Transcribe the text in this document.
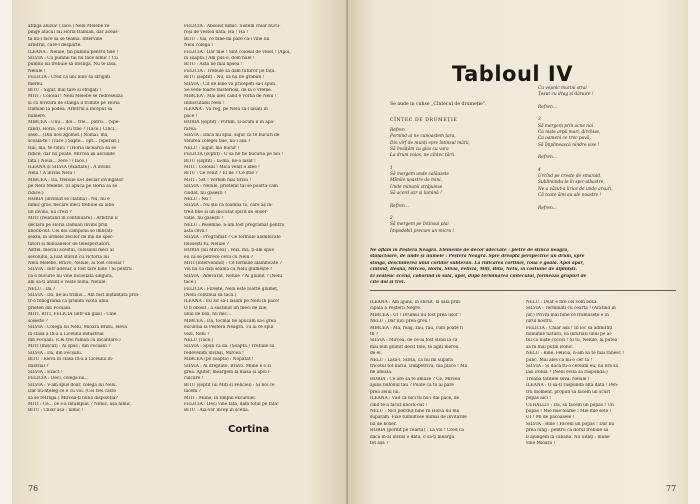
atingă aluzia! (Tace.) Nelu Melebe re-

pinge atacul lui Horia Damian, dar aceas-

ta nu-l face să se teamă. Intervine

arbitrul, care-i desparte.

ILEANA : Nelule, țin pumnii pentru tine !

SILVIA : Cu pumnii tăi nu face nimic ! Cu

pumnii lui trebuie să învingă. Nu te lăsa,

Nelule !

FELICIA : Cred că uni bine să strigăți

mereu.

BITU : Sigur, mai tare și strigăți !

MITI : Colosal ! Nelu Melebe se redresează

și cu lovitura de stânga îl trimite pe Horia

Damian la podea. Arbitrul a început să

numere.

MIRCEA : Unu... doi... trei... patru... (Spe-

rând). Horia, ce-i cu tine ? (Tace.) Cinci...

șase... (Din nou zgomot.) Nomai, mă,

scoală-te ! (Tace.) Șapte... opt... (Speriat.)

Hai, mă, te ridici ? (Horia încearcă să se

ridice, dar nu poate. Mircea își ascunde

fața.) Nouă... zece ! (Tace.)

ILEANA și SILVIA (exaltate) : A învins

Nelu ! A învins Nelu !

MIRCEA : Da, trebuie să-l declar învingător

pe Nelu Melebe. (Il apucă pe Horia să se

ridice.)

HORIA (învinuit se clatină) : Nu, nu e

nimic grav, fiecare meci trebuie să aibă

un învins, nu crezi ?

MITI (relatând în continuare) : Arbitrul îl

declară pe Horia Damian învins prin

knock-out. Cei doi campioni se îmbrăți-

șează, în urmele zecilor de mii de spec-

tatori și milioanelor de telespectatori.

Astfel, meciul acestui, colosalul meci al

secolului, a luat sfârșit cu victoria lui

Nelu Melebe. Bravo, Nelule, ai fost colosal !

SILVIA : Într-adevăr, a fost tare bine ! Și pentru

că o bucurie nu vine niciodată singură,

am să-ți anunț o veste bună, Nelule.

NELU : Da ?

SILVIA : Da, ne-au trimis... Am fost înștiințată prin-

tr-o fonogramă că primim vizita unui

prieten din Focșani.

MITI, BITI, FELICIA (într-un glas) : Cine

soseste ?

SILVIA : Colega lui Nelu, Mioara Bratu, elevă

în clasa a IX-a a Liceului industrial

din Focșani. (Cei trei râmân cu încântare.)

MITI (mișcat) : Ai spus : din Focșani ?

SILVIA : Da, din Focșani.

BITU : Elevă în clasa IX-a a Liceului in-

dustrial ?

SILVIA : Exact !

FELICIA : Deci, colega lui...

SILVIA : V-am spus doar, colega lui Nelu.

Dar nu-nțeleg ce e cu voi. (Cei trei către

să se retragă.) Mircea-ți bună dispoziția?

MITI : Ce... ce s-a întâmplat ? Nimic, așa nimic,

BITU : Chiar așa : nimic !

FELICIA : Absolut nimic. Sistem chiar bucu-

roși de vestea dată. Ha ! Ha !

BITU : Vai, ce bine-mi pare că-i vine lui

Nelu colega !

FELICIA : Dar mie ! Sînt colosal de vesel ! (Apoi,

în șoaptă.) Am pus-o, dom'nule !

BITU : Asta ne mai lipsea !

FELICIA : Trebuie să dăm tuturor pe față.

BITU (șoptit) : Nu, să nu ne grăbim !

SILVIA : Cît de bine vă pricepeți să-i spun.

Se vede foarte misterioși, de la o vreme.

MIRCEA : Mai ales când e vorba de Nelu !

Indiscutabil Nelu !

ILEANA : Vă rog, pe Nelu să-l lăsați în

pace !

HORIA (șoptit) : Poftim, și-acum îl în apă-

rarea.

SILVIA : Dacă nu spui, sigur că te bucuri de

venirea colegei tale, nu-i așa ?

NELU : Sigur, mă bucur !

FELICIA (șoptit) : O să ne fie bucuria pe noi !

BITU (șoptit) : Ia-mă, ne-a lăsat !

MITI : Colosal ! Mica venit o idee !

BITU : Ce venit ? El ne ? Ce știe ?

MITI : Sst ! Vorbim mai tîrziu !

SILVIA : Nelule, prietenii tăi se poartă cam

ciudat, nu găsești ?

NELU : Nu !

SILVIA : Nu știi că toamnă to, care aș în-

treit fine și un discutat spirit de obser-

vație, nu găsești ?

NELU : Pesemne, n-am fost programat pentru

asta ceva !

SILVIA : Programat ? Ce formule alambicate

folosești tu, Nelule ?

HORIA (lui Mircea) : Vezi, mă, ți-am spus

eu că se petrece ceva cu Nelu ?

MITI (intervenind) : Ce formule alambicate ?

Voi nu vă dați seama că Nelu glumește ?

SILVIA : Adevărat, Nelule ? Ai glumit ? (Nelu

tace.)

FELICIA : Firește, Nelu este foarte glumeț,

(Nelu continuă să tacă.)

ILEANA : Eu zic să-l lăsăm pe Nelu în pace!

O fi obosit : a sustinut un meci de zile,

unul de box, nu mic...

MIRCEA : Da, tocmai ne apucăm să-i grea

excursia la Peștera Neagră. Tu ai ce spui

vezi, Nelu ?

NELU (Tace.)

SILVIA : Spun că da. (Șoaptă.) Trebuie să

redevenim învinși, Mircea !

MIRCEA (pe șoaptă) : Nopătat !

SILVIA : Ai dreptate. Bravo. Mîine e o zi

grea. Ajutor, meargem la masă și apoi l-

culcare !

BITU (șoptit lui Miți și Feliciei) : Și noi ce

facem ?

MITI : Mîine, în timpul excursiei.

FELICIA : Deci vine fata, dăm totul pe față!

BITU : Aia-vor încep în scenă.

Cortina
76
Tabloul IV
Se aude in culise „Cîntecul de drumeție”.
CÎNTEC DE DRUMEȚIE

Refren

Pornind ai ne cunoaștem țara,

Din vîrf de munți spre întinsul mării,

Să învățăm cu glas cu vara

La drum voios, ne cîntec țării.

1

Să mergem unde calăuzele

Mîinile noastre de mini,

Unde minunii străjuiese

Să acord azr și lumină !

Refren...

2

Să mergem pe întinsul plai

Împodobit precum un micru !

Cu vepnic murini strai

Țesut cu drag și dăruire !

Refren...

3

Să mergem prin ocne noi

Ca niște arpii mari, dirchise,

Ca oameni ce trec pavă,

Să împlinească nindre vise !

Refren...

4

Urcînd pe creste de smarald,

Subliniindu-le în spic-albastre,

Ne-a văzut-a lirice de unde arsuri,

Că toate ăini au ale noastre !

Refren...

Ne aflăm în Peștera Neagră. Elemente de decor adecvate : pietre de stîncă neagră,

stalactoare, de unde și numele : Peștera Neagră. Spre dreapta perspective un drum, spre

stînga, deschiderea unui coridor subteran. La ridicarea cortinei, roua e goală. Apoi apar,

cîntînd, Ileana, Mircea, Horia, Silvia, Felicia, Miți, Bitu, Nelu, în costume de alpiniști.

Ei seateuc scena, coborînd în sală, apoi, după terminarea cîntecului, formează grupuri de

cîte doi și trei.

ILEANA : Am ajuns, în sfîrșit, la sala prin-

cipală a Peșterii Negre.

MIRCEA : Uf ! Drumul nu fost prea ușor !

NELU : Dar nici prea greu !

MIRCEA : Mă, roag, zău, rau, cum poate fi

tu ?

SILVIA : Mircea, de ce-ai fost stînd la câ

mai bun glumit decît tine, te agiți mereu

de el.

NELU : Lasă-l, Silvia, că nu mi supără

tricotul tot ilarul. Dimpotrivă, mă place ! Mă

ne amuză.

HORIA : Ce are să te amuze ? Ce, Mircea

ajuns bufonul tău ? Poate că tu ai pare

prea zelul lui.

ILEANA : Văd că nici tu nu-i dai pace, de

cînd te-a făcut knock-out !

NELU : Nici pierdut bine rii Horia nu mă

supăram. Fixe tumultose numai de învitarile

lui de boxer.

HORIA (pornit pe ceartă) : La voi ! Cred că

dacă m-ai învins o dată, o să-ți meargă

tot așa ?

NELU : Doar e fire cei vom boxa.

SILVIA : Terminati cu cearta ! (Arătînd în

jur.) Priviți mai bine ce frumusețe e în

jurul nostru.

FELICIA : Chiar așa ! In loc să admirați

minunile naturii, vă înfuriați unul pe al-

tul ca niște cocoși ! Și tu, Nelule, ai putea

să fii mai puțin ironic.

NELU : Bine, Felicia, n-am să te mai rănesc !

punc. Mai ales că mi-o cer ta !

SILVIA : Și dacă tu-o ceream eu, nu era să

lași ironia ? (Nelu evită să răspundă.)

Treaba tătitele seva, Nelule !

ILEANA : O să-ți răspundă altă dată ! Pen-

tru moment, propun să facem un scurt

popas aici !

CEHALLIT : Da, să facem un popas ! Un

popas ! Mie mie foame ! Mie mie sete !

UI ! Mi de păcoasele !

SILVIA : Bine ! Facem un popas ! Dar nu

prea lung : pentru că dorul trebuie să

îl ajungem la cabană. Nu uitați : mîine

vine Mioara !

77
